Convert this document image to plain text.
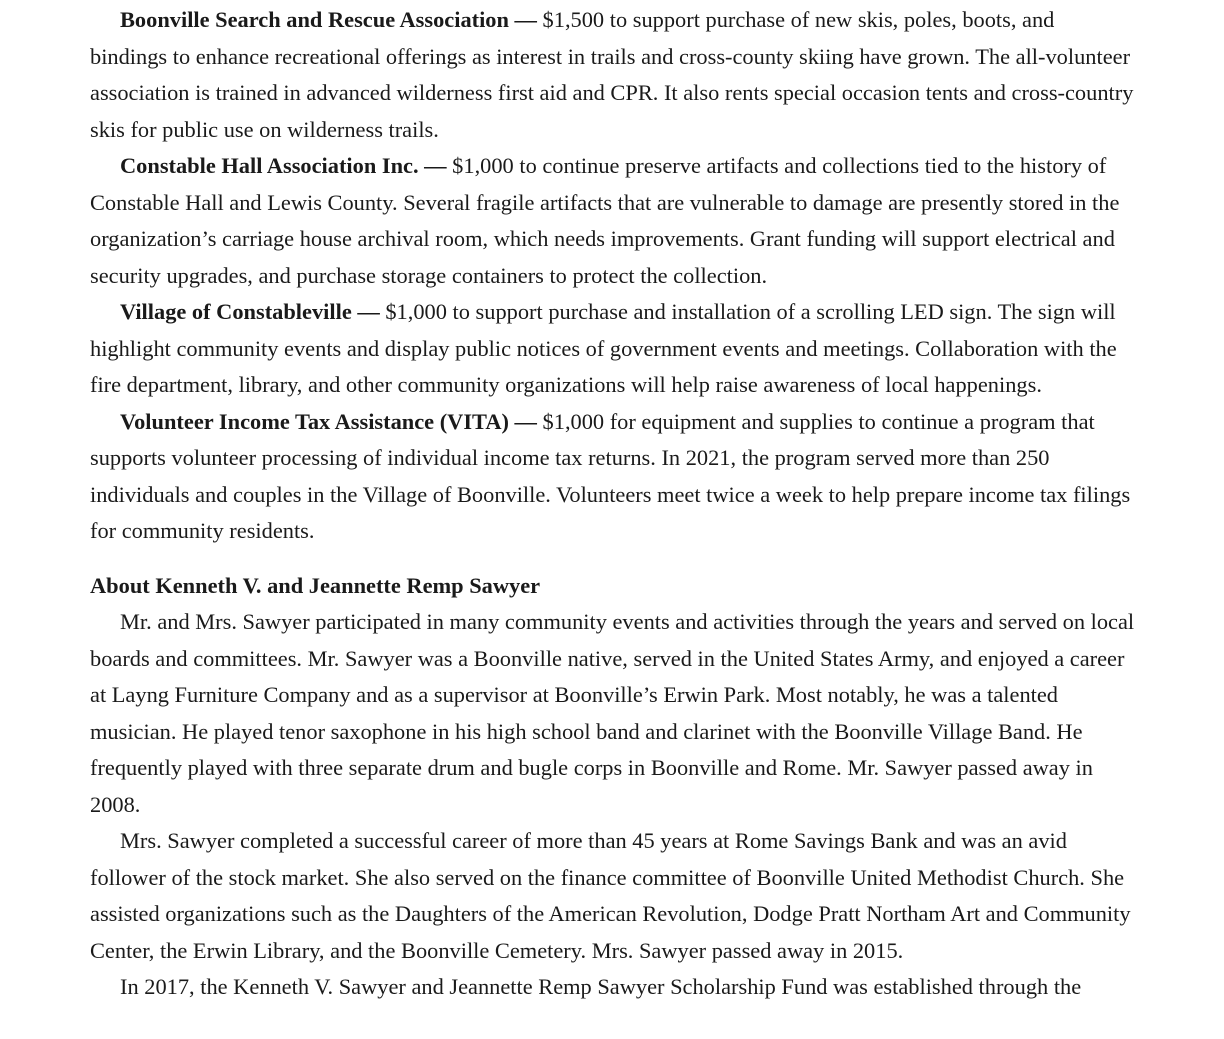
Boonville Search and Rescue Association — $1,500 to support purchase of new skis, poles, boots, and bindings to enhance recreational offerings as interest in trails and cross-county skiing have grown. The all-volunteer association is trained in advanced wilderness first aid and CPR. It also rents special occasion tents and cross-country skis for public use on wilderness trails.

Constable Hall Association Inc. — $1,000 to continue preserve artifacts and collections tied to the history of Constable Hall and Lewis County. Several fragile artifacts that are vulnerable to damage are presently stored in the organization’s carriage house archival room, which needs improvements. Grant funding will support electrical and security upgrades, and purchase storage containers to protect the collection.

Village of Constableville — $1,000 to support purchase and installation of a scrolling LED sign. The sign will highlight community events and display public notices of government events and meetings. Collaboration with the fire department, library, and other community organizations will help raise awareness of local happenings.

Volunteer Income Tax Assistance (VITA) — $1,000 for equipment and supplies to continue a program that supports volunteer processing of individual income tax returns. In 2021, the program served more than 250 individuals and couples in the Village of Boonville. Volunteers meet twice a week to help prepare income tax filings for community residents.

About Kenneth V. and Jeannette Remp Sawyer

Mr. and Mrs. Sawyer participated in many community events and activities through the years and served on local boards and committees. Mr. Sawyer was a Boonville native, served in the United States Army, and enjoyed a career at Layng Furniture Company and as a supervisor at Boonville’s Erwin Park. Most notably, he was a talented musician. He played tenor saxophone in his high school band and clarinet with the Boonville Village Band. He frequently played with three separate drum and bugle corps in Boonville and Rome. Mr. Sawyer passed away in 2008.

Mrs. Sawyer completed a successful career of more than 45 years at Rome Savings Bank and was an avid follower of the stock market. She also served on the finance committee of Boonville United Methodist Church. She assisted organizations such as the Daughters of the American Revolution, Dodge Pratt Northam Art and Community Center, the Erwin Library, and the Boonville Cemetery. Mrs. Sawyer passed away in 2015.

In 2017, the Kenneth V. Sawyer and Jeannette Remp Sawyer Scholarship Fund was established through the
